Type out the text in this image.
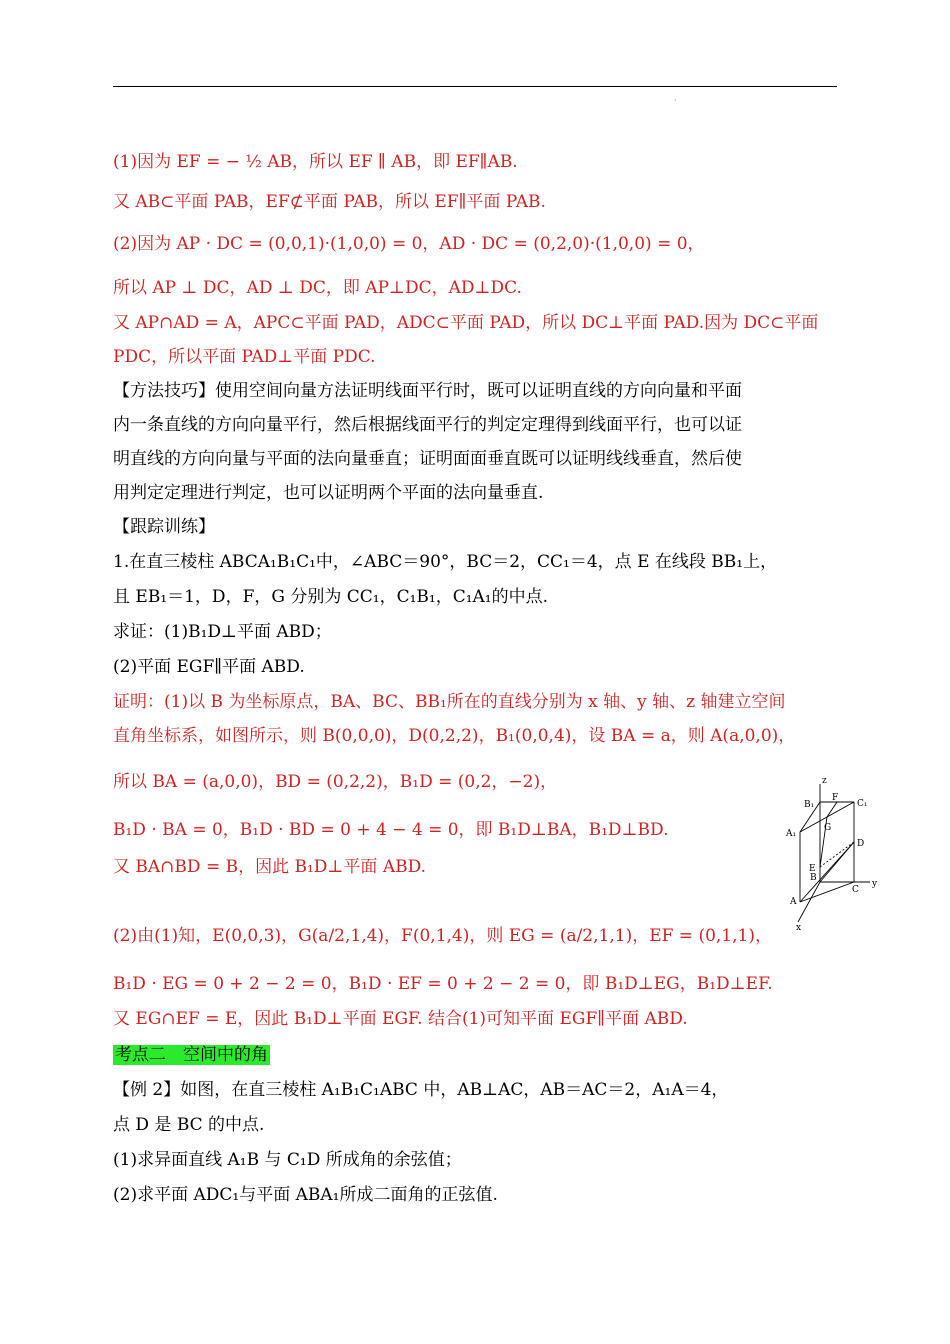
·
(1)因为 EF = − ½ AB，所以 EF ∥ AB，即 EF∥AB.
又 AB⊂平面 PAB，EF⊄平面 PAB，所以 EF∥平面 PAB.
(2)因为 AP · DC = (0,0,1)·(1,0,0) = 0，AD · DC = (0,2,0)·(1,0,0) = 0，
所以 AP ⊥ DC，AD ⊥ DC，即 AP⊥DC，AD⊥DC.
又 AP∩AD = A，APC⊂平面 PAD，ADC⊂平面 PAD，所以 DC⊥平面 PAD.因为 DC⊂平面
PDC，所以平面 PAD⊥平面 PDC.
【方法技巧】使用空间向量方法证明线面平行时，既可以证明直线的方向向量和平面
内一条直线的方向向量平行，然后根据线面平行的判定定理得到线面平行，也可以证
明直线的方向向量与平面的法向量垂直；证明面面垂直既可以证明线线垂直，然后使
用判定定理进行判定，也可以证明两个平面的法向量垂直.
【跟踪训练】
1.在直三棱柱 ABCA₁B₁C₁中，∠ABC＝90°，BC＝2，CC₁＝4，点 E 在线段 BB₁上，
且 EB₁＝1，D，F，G 分别为 CC₁，C₁B₁，C₁A₁的中点.
求证：(1)B₁D⊥平面 ABD；
(2)平面 EGF∥平面 ABD.
证明：(1)以 B 为坐标原点，BA、BC、BB₁所在的直线分别为 x 轴、y 轴、z 轴建立空间
直角坐标系，如图所示，则 B(0,0,0)，D(0,2,2)，B₁(0,0,4)，设 BA = a，则 A(a,0,0)，
所以 BA = (a,0,0)，BD = (0,2,2)，B₁D = (0,2，−2)，
B₁D · BA = 0，B₁D · BD = 0 + 4 − 4 = 0，即 B₁D⊥BA，B₁D⊥BD.
又 BA∩BD = B，因此 B₁D⊥平面 ABD.
(2)由(1)知，E(0,0,3)，G(a/2,1,4)，F(0,1,4)，则 EG = (a/2,1,1)，EF = (0,1,1)，
B₁D · EG = 0 + 2 − 2 = 0，B₁D · EF = 0 + 2 − 2 = 0，即 B₁D⊥EG，B₁D⊥EF.
又 EG∩EF = E，因此 B₁D⊥平面 EGF. 结合(1)可知平面 EGF∥平面 ABD.
考点二　空间中的角
【例 2】如图，在直三棱柱 A₁B₁C₁ABC 中，AB⊥AC，AB＝AC＝2，A₁A＝4，
点 D 是 BC 的中点.
(1)求异面直线 A₁B 与 C₁D 所成角的余弦值；
(2)求平面 ADC₁与平面 ABA₁所成二面角的正弦值.
z
B₁
F
C₁
A₁
G
D
E
B
C
y
A
x
